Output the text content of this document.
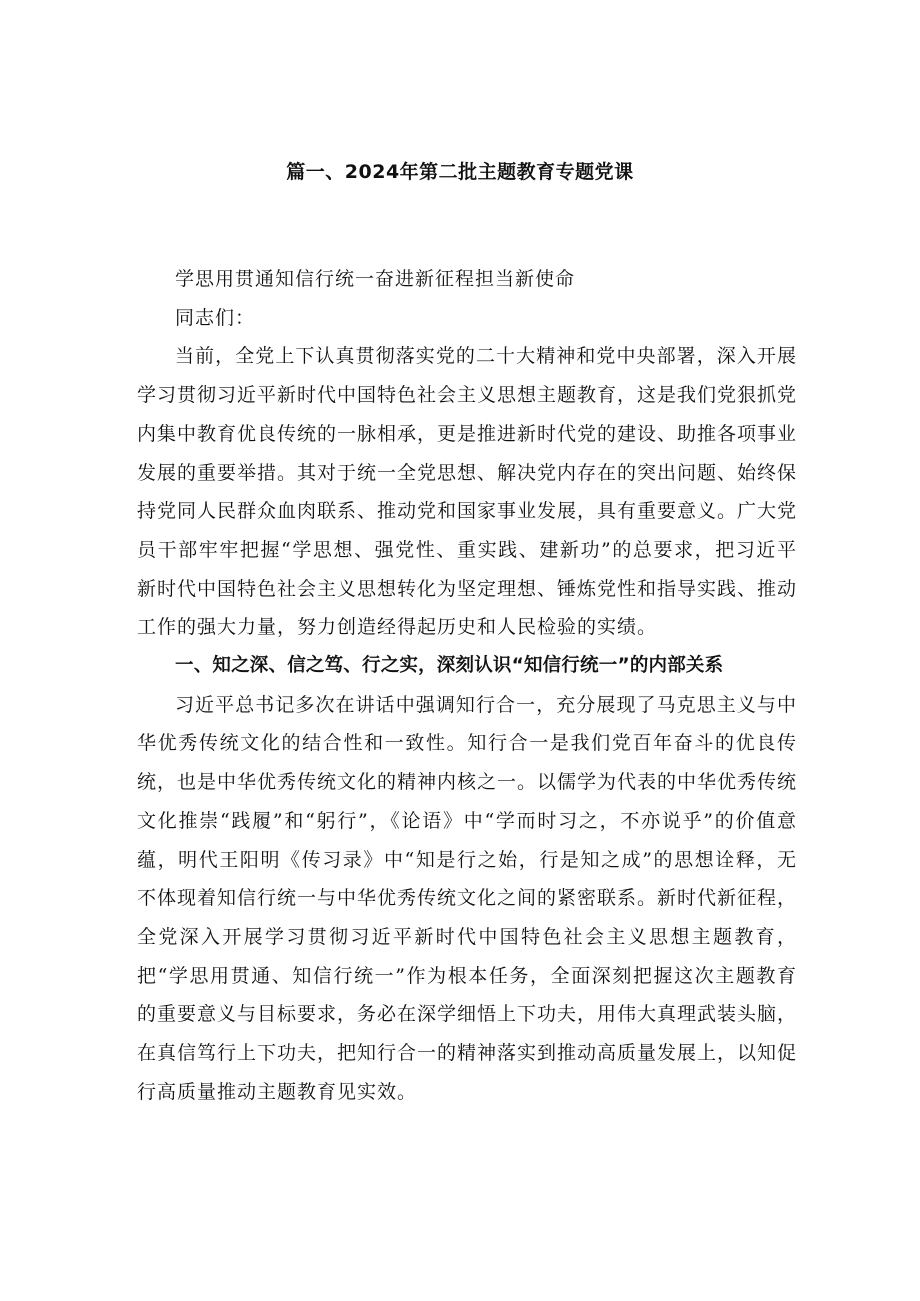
篇一、2024年第二批主题教育专题党课

学思用贯通知信行统一奋进新征程担当新使命

同志们：

当前，全党上下认真贯彻落实党的二十大精神和党中央部署，深入开展学习贯彻习近平新时代中国特色社会主义思想主题教育，这是我们党狠抓党内集中教育优良传统的一脉相承，更是推进新时代党的建设、助推各项事业发展的重要举措。其对于统一全党思想、解决党内存在的突出问题、始终保持党同人民群众血肉联系、推动党和国家事业发展，具有重要意义。广大党员干部牢牢把握“学思想、强党性、重实践、建新功”的总要求，把习近平新时代中国特色社会主义思想转化为坚定理想、锤炼党性和指导实践、推动工作的强大力量，努力创造经得起历史和人民检验的实绩。

一、知之深、信之笃、行之实，深刻认识“知信行统一”的内部关系

习近平总书记多次在讲话中强调知行合一，充分展现了马克思主义与中华优秀传统文化的结合性和一致性。知行合一是我们党百年奋斗的优良传统，也是中华优秀传统文化的精神内核之一。以儒学为代表的中华优秀传统文化推崇“践履”和“躬行”，《论语》中“学而时习之，不亦说乎”的价值意蕴，明代王阳明《传习录》中“知是行之始，行是知之成”的思想诠释，无不体现着知信行统一与中华优秀传统文化之间的紧密联系。新时代新征程，全党深入开展学习贯彻习近平新时代中国特色社会主义思想主题教育，把“学思用贯通、知信行统一”作为根本任务，全面深刻把握这次主题教育的重要意义与目标要求，务必在深学细悟上下功夫，用伟大真理武装头脑，在真信笃行上下功夫，把知行合一的精神落实到推动高质量发展上，以知促行高质量推动主题教育见实效。
